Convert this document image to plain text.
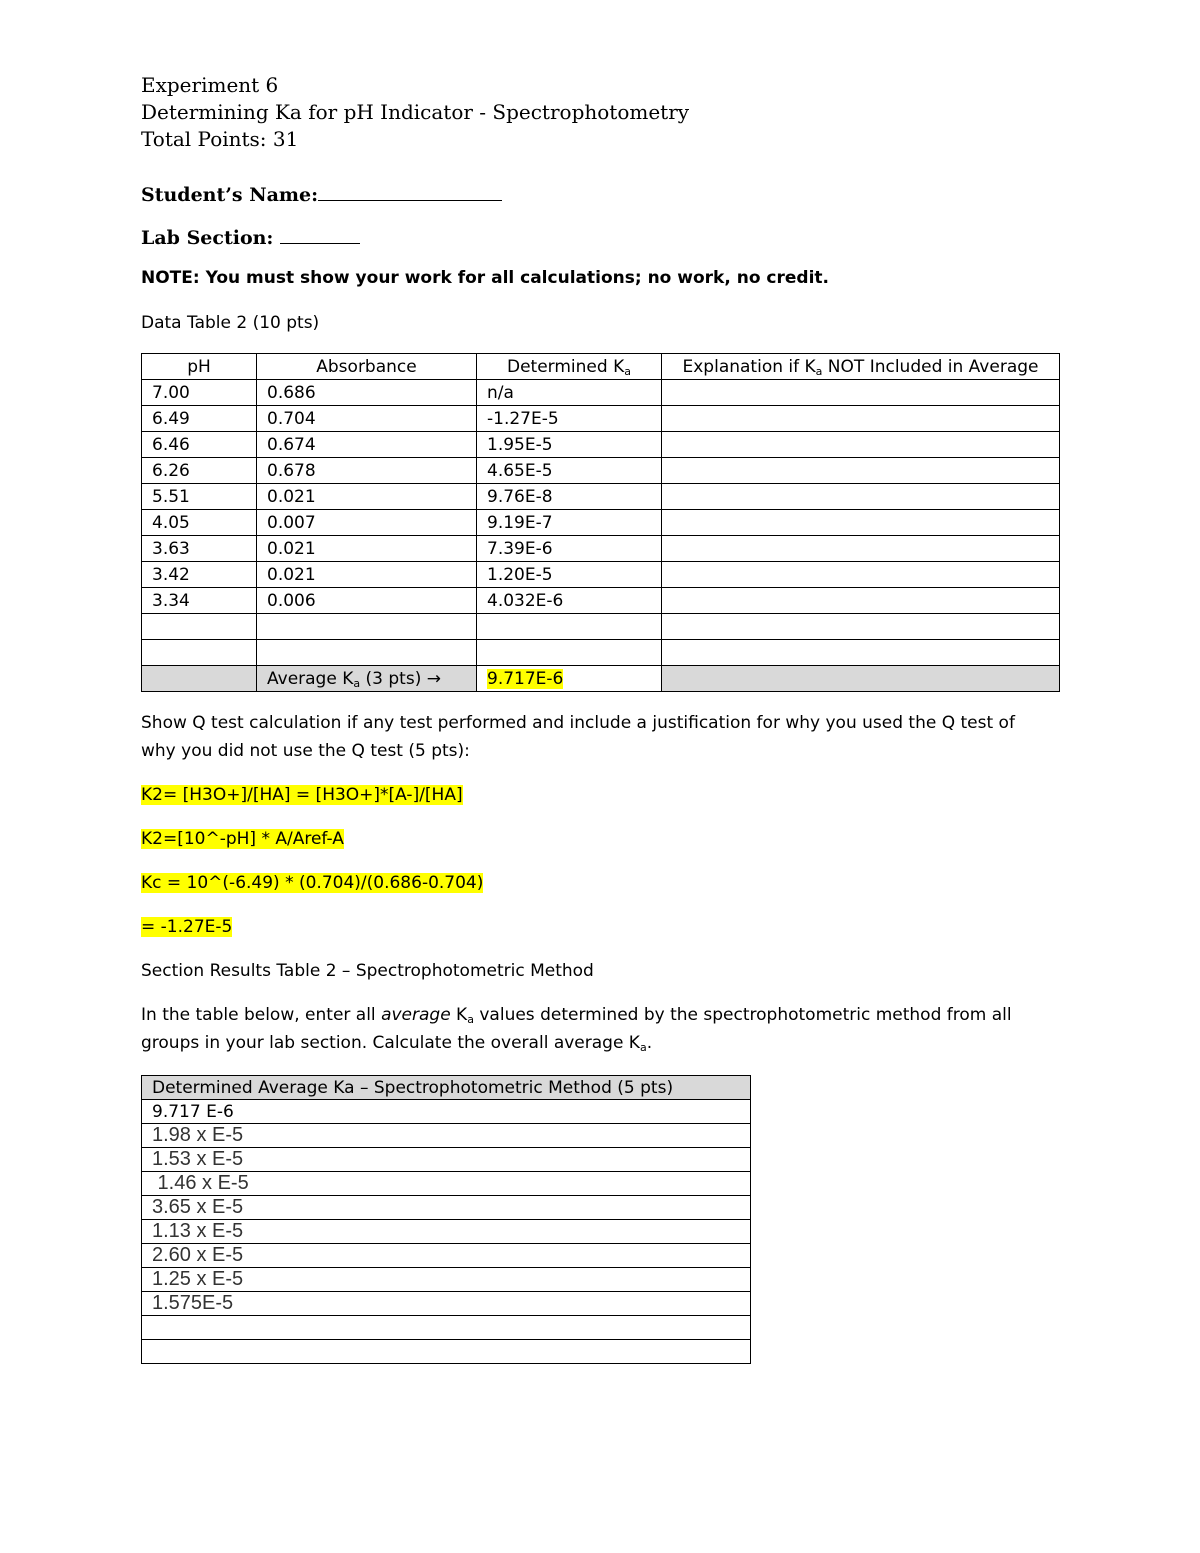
Experiment 6
Determining Ka for pH Indicator - Spectrophotometry
Total Points: 31
Student’s Name:
Lab Section:
NOTE: You must show your work for all calculations; no work, no credit.
Data Table 2 (10 pts)
pH	Absorbance	Determined $K_a$	Explanation if $K_a$ NOT Included in Average
7.00	0.686	n/a	
6.49	0.704	-1.27E-5	
6.46	0.674	1.95E-5	
6.26	0.678	4.65E-5	
5.51	0.021	9.76E-8	
4.05	0.007	9.19E-7	
3.63	0.021	7.39E-6	
3.42	0.021	1.20E-5	
3.34	0.006	4.032E-6	

	Average $K_a$ (3 pts) →	9.717E-6	
Show Q test calculation if any test performed and include a justification for why you used the Q test of
why you did not use the Q test (5 pts):
K2= [H3O+]/[HA] = [H3O+]*[A-]/[HA]
K2=[10^-pH] * A/Aref-A
Kc = 10^(-6.49) * (0.704)/(0.686-0.704)
= -1.27E-5
Section Results Table 2 – Spectrophotometric Method
In the table below, enter all average $K_a$ values determined by the spectrophotometric method from all
groups in your lab section. Calculate the overall average $K_a$.
Determined Average Ka – Spectrophotometric Method (5 pts)
9.717 E-6
1.98 x E-5
1.53 x E-5
1.46 x E-5
3.65 x E-5
1.13 x E-5
2.60 x E-5
1.25 x E-5
1.575E-5
